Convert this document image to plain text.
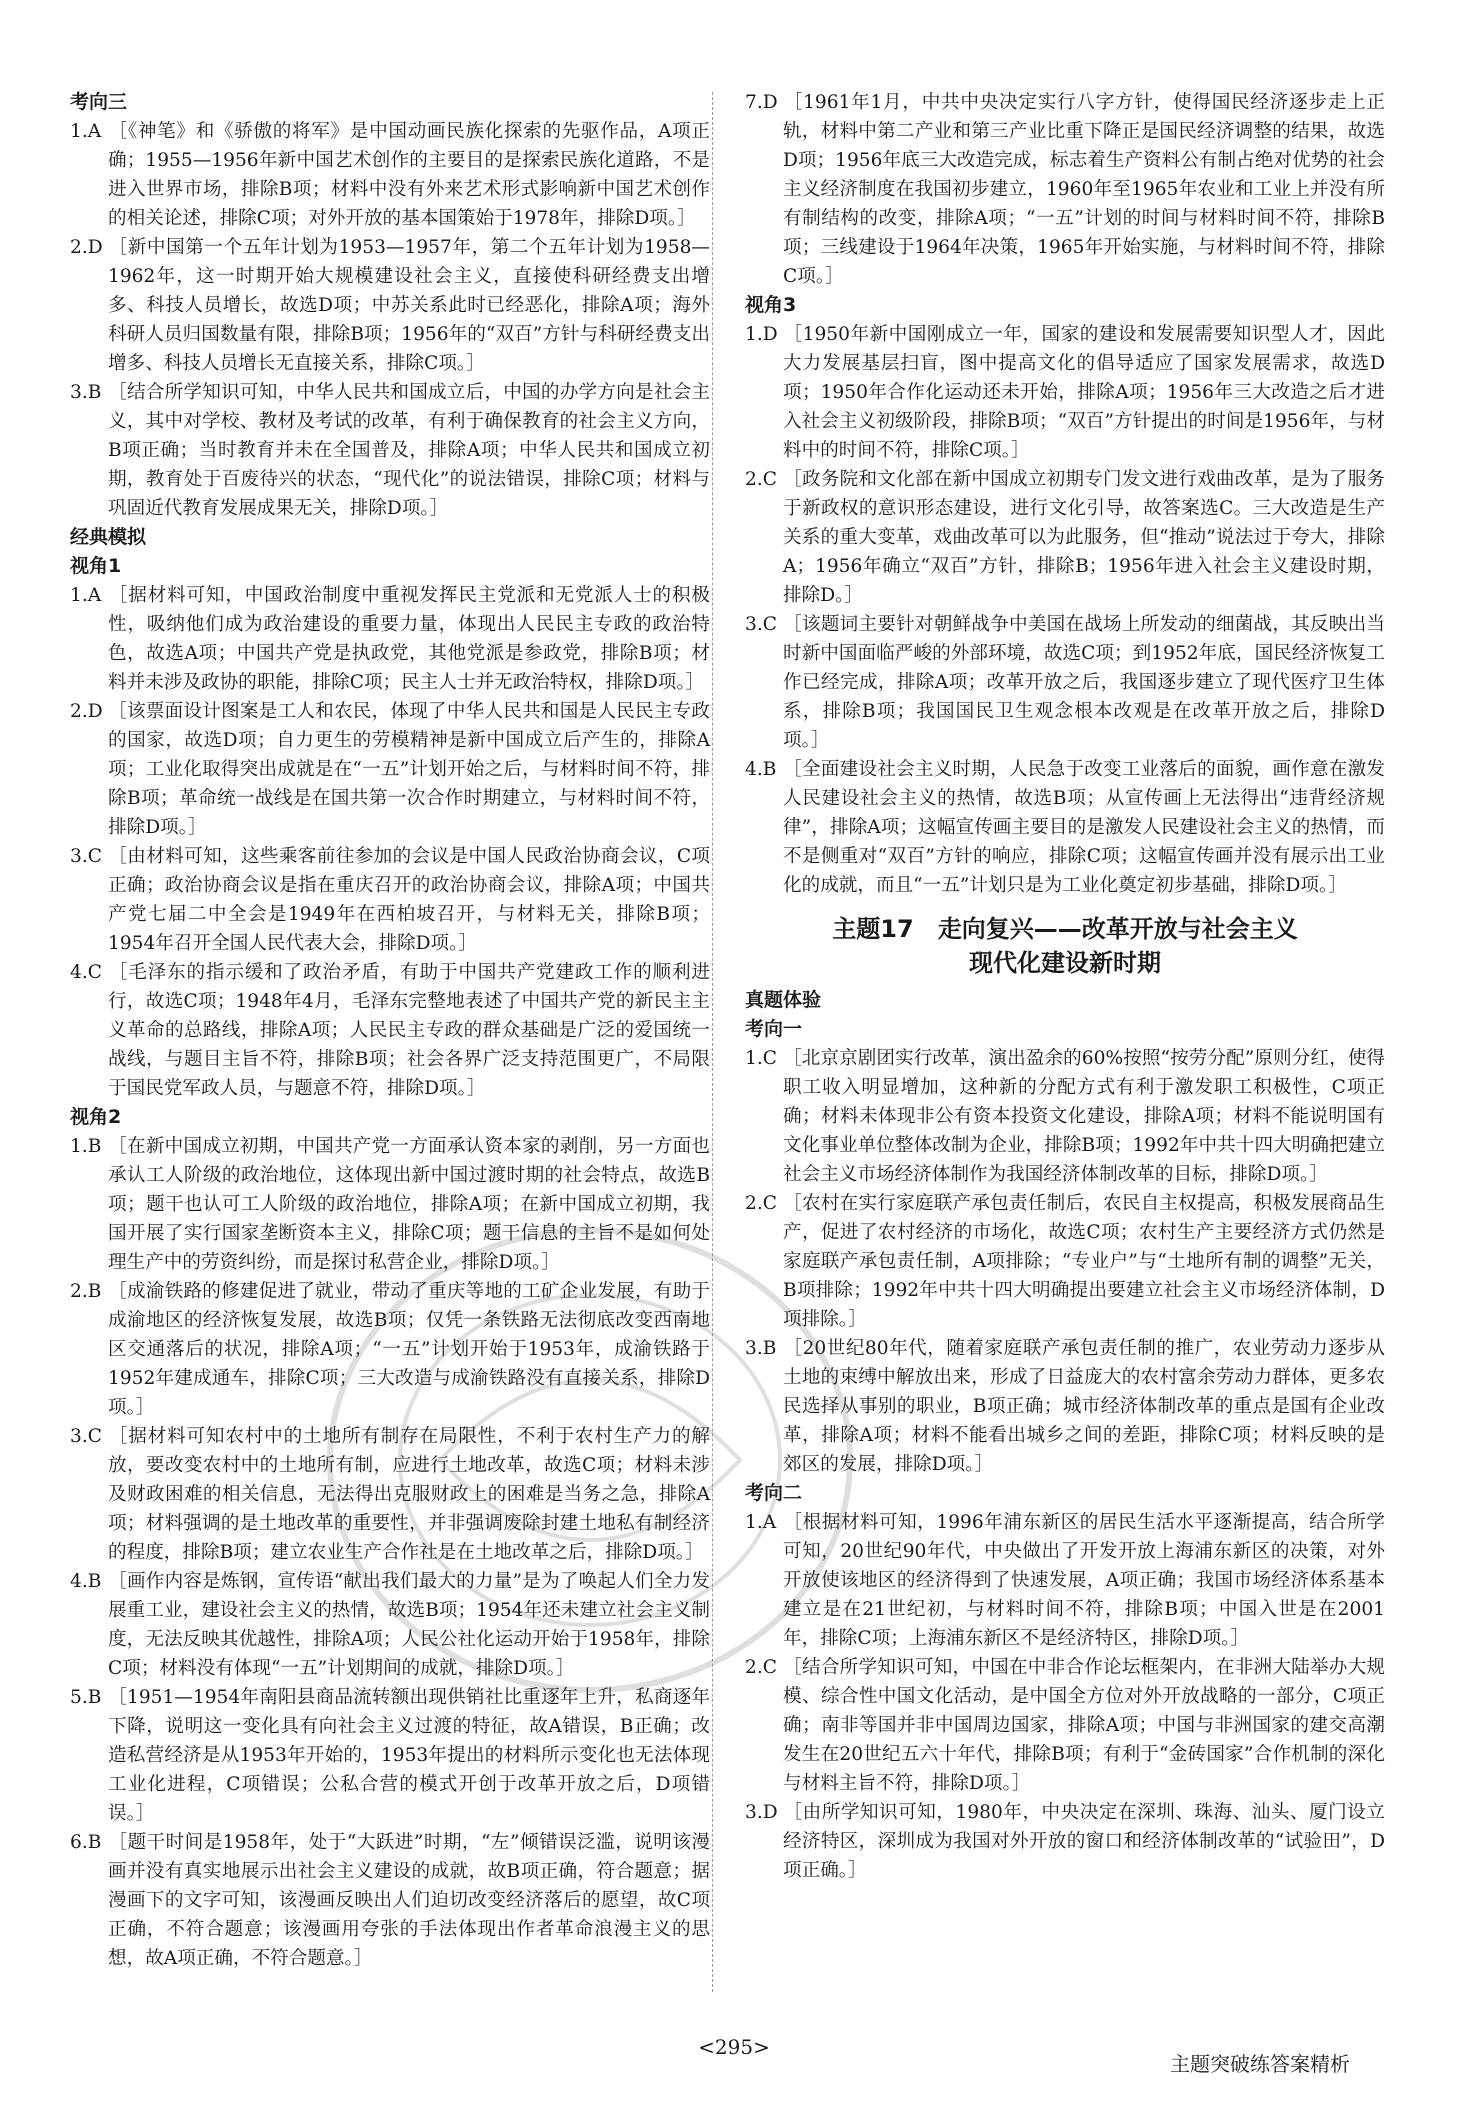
考向三

1.A ［《神笔》和《骄傲的将军》是中国动画民族化探索的先驱作品，A项正确；1955—1956年新中国艺术创作的主要目的是探索民族化道路，不是进入世界市场，排除B项；材料中没有外来艺术形式影响新中国艺术创作的相关论述，排除C项；对外开放的基本国策始于1978年，排除D项。］

2.D ［新中国第一个五年计划为1953—1957年，第二个五年计划为1958—1962年，这一时期开始大规模建设社会主义，直接使科研经费支出增多、科技人员增长，故选D项；中苏关系此时已经恶化，排除A项；海外科研人员归国数量有限，排除B项；1956年的“双百”方针与科研经费支出增多、科技人员增长无直接关系，排除C项。］

3.B ［结合所学知识可知，中华人民共和国成立后，中国的办学方向是社会主义，其中对学校、教材及考试的改革，有利于确保教育的社会主义方向，B项正确；当时教育并未在全国普及，排除A项；中华人民共和国成立初期，教育处于百废待兴的状态，“现代化”的说法错误，排除C项；材料与巩固近代教育发展成果无关，排除D项。］

经典模拟

视角1

1.A ［据材料可知，中国政治制度中重视发挥民主党派和无党派人士的积极性，吸纳他们成为政治建设的重要力量，体现出人民民主专政的政治特色，故选A项；中国共产党是执政党，其他党派是参政党，排除B项；材料并未涉及政协的职能，排除C项；民主人士并无政治特权，排除D项。］

2.D ［该票面设计图案是工人和农民，体现了中华人民共和国是人民民主专政的国家，故选D项；自力更生的劳模精神是新中国成立后产生的，排除A项；工业化取得突出成就是在“一五”计划开始之后，与材料时间不符，排除B项；革命统一战线是在国共第一次合作时期建立，与材料时间不符，排除D项。］

3.C ［由材料可知，这些乘客前往参加的会议是中国人民政治协商会议，C项正确；政治协商会议是指在重庆召开的政治协商会议，排除A项；中国共产党七届二中全会是1949年在西柏坡召开，与材料无关，排除B项；1954年召开全国人民代表大会，排除D项。］

4.C ［毛泽东的指示缓和了政治矛盾，有助于中国共产党建政工作的顺利进行，故选C项；1948年4月，毛泽东完整地表述了中国共产党的新民主主义革命的总路线，排除A项；人民民主专政的群众基础是广泛的爱国统一战线，与题目主旨不符，排除B项；社会各界广泛支持范围更广，不局限于国民党军政人员，与题意不符，排除D项。］

视角2

1.B ［在新中国成立初期，中国共产党一方面承认资本家的剥削，另一方面也承认工人阶级的政治地位，这体现出新中国过渡时期的社会特点，故选B项；题干也认可工人阶级的政治地位，排除A项；在新中国成立初期，我国开展了实行国家垄断资本主义，排除C项；题干信息的主旨不是如何处理生产中的劳资纠纷，而是探讨私营企业，排除D项。］

2.B ［成渝铁路的修建促进了就业，带动了重庆等地的工矿企业发展，有助于成渝地区的经济恢复发展，故选B项；仅凭一条铁路无法彻底改变西南地区交通落后的状况，排除A项；“一五”计划开始于1953年，成渝铁路于1952年建成通车，排除C项；三大改造与成渝铁路没有直接关系，排除D项。］

3.C ［据材料可知农村中的土地所有制存在局限性，不利于农村生产力的解放，要改变农村中的土地所有制，应进行土地改革，故选C项；材料未涉及财政困难的相关信息，无法得出克服财政上的困难是当务之急，排除A项；材料强调的是土地改革的重要性，并非强调废除封建土地私有制经济的程度，排除B项；建立农业生产合作社是在土地改革之后，排除D项。］

4.B ［画作内容是炼钢，宣传语“献出我们最大的力量”是为了唤起人们全力发展重工业，建设社会主义的热情，故选B项；1954年还未建立社会主义制度，无法反映其优越性，排除A项；人民公社化运动开始于1958年，排除C项；材料没有体现“一五”计划期间的成就，排除D项。］

5.B ［1951—1954年南阳县商品流转额出现供销社比重逐年上升，私商逐年下降，说明这一变化具有向社会主义过渡的特征，故A错误，B正确；改造私营经济是从1953年开始的，1953年提出的材料所示变化也无法体现工业化进程，C项错误；公私合营的模式开创于改革开放之后，D项错误。］

6.B ［题干时间是1958年，处于“大跃进”时期，“左”倾错误泛滥，说明该漫画并没有真实地展示出社会主义建设的成就，故B项正确，符合题意；据漫画下的文字可知，该漫画反映出人们迫切改变经济落后的愿望，故C项正确，不符合题意；该漫画用夸张的手法体现出作者革命浪漫主义的思想，故A项正确，不符合题意。］

7.D ［1961年1月，中共中央决定实行八字方针，使得国民经济逐步走上正轨，材料中第二产业和第三产业比重下降正是国民经济调整的结果，故选D项；1956年底三大改造完成，标志着生产资料公有制占绝对优势的社会主义经济制度在我国初步建立，1960年至1965年农业和工业上并没有所有制结构的改变，排除A项；“一五”计划的时间与材料时间不符，排除B项；三线建设于1964年决策，1965年开始实施，与材料时间不符，排除C项。］

视角3

1.D ［1950年新中国刚成立一年，国家的建设和发展需要知识型人才，因此大力发展基层扫盲，图中提高文化的倡导适应了国家发展需求，故选D项；1950年合作化运动还未开始，排除A项；1956年三大改造之后才进入社会主义初级阶段，排除B项；“双百”方针提出的时间是1956年，与材料中的时间不符，排除C项。］

2.C ［政务院和文化部在新中国成立初期专门发文进行戏曲改革，是为了服务于新政权的意识形态建设，进行文化引导，故答案选C。三大改造是生产关系的重大变革，戏曲改革可以为此服务，但“推动”说法过于夸大，排除A；1956年确立“双百”方针，排除B；1956年进入社会主义建设时期，排除D。］

3.C ［该题词主要针对朝鲜战争中美国在战场上所发动的细菌战，其反映出当时新中国面临严峻的外部环境，故选C项；到1952年底，国民经济恢复工作已经完成，排除A项；改革开放之后，我国逐步建立了现代医疗卫生体系，排除B项；我国国民卫生观念根本改观是在改革开放之后，排除D项。］

4.B ［全面建设社会主义时期，人民急于改变工业落后的面貌，画作意在激发人民建设社会主义的热情，故选B项；从宣传画上无法得出“违背经济规律”，排除A项；这幅宣传画主要目的是激发人民建设社会主义的热情，而不是侧重对“双百”方针的响应，排除C项；这幅宣传画并没有展示出工业化的成就，而且“一五”计划只是为工业化奠定初步基础，排除D项。］

主题17　走向复兴——改革开放与社会主义
现代化建设新时期

真题体验

考向一

1.C ［北京京剧团实行改革，演出盈余的60%按照“按劳分配”原则分红，使得职工收入明显增加，这种新的分配方式有利于激发职工积极性，C项正确；材料未体现非公有资本投资文化建设，排除A项；材料不能说明国有文化事业单位整体改制为企业，排除B项；1992年中共十四大明确把建立社会主义市场经济体制作为我国经济体制改革的目标，排除D项。］

2.C ［农村在实行家庭联产承包责任制后，农民自主权提高，积极发展商品生产，促进了农村经济的市场化，故选C项；农村生产主要经济方式仍然是家庭联产承包责任制，A项排除；“专业户”与“土地所有制的调整”无关，B项排除；1992年中共十四大明确提出要建立社会主义市场经济体制，D项排除。］

3.B ［20世纪80年代，随着家庭联产承包责任制的推广，农业劳动力逐步从土地的束缚中解放出来，形成了日益庞大的农村富余劳动力群体，更多农民选择从事别的职业，B项正确；城市经济体制改革的重点是国有企业改革，排除A项；材料不能看出城乡之间的差距，排除C项；材料反映的是郊区的发展，排除D项。］

考向二

1.A ［根据材料可知，1996年浦东新区的居民生活水平逐渐提高，结合所学可知，20世纪90年代，中央做出了开发开放上海浦东新区的决策，对外开放使该地区的经济得到了快速发展，A项正确；我国市场经济体系基本建立是在21世纪初，与材料时间不符，排除B项；中国入世是在2001年，排除C项；上海浦东新区不是经济特区，排除D项。］

2.C ［结合所学知识可知，中国在中非合作论坛框架内，在非洲大陆举办大规模、综合性中国文化活动，是中国全方位对外开放战略的一部分，C项正确；南非等国并非中国周边国家，排除A项；中国与非洲国家的建交高潮发生在20世纪五六十年代，排除B项；有利于“金砖国家”合作机制的深化与材料主旨不符，排除D项。］

3.D ［由所学知识可知，1980年，中央决定在深圳、珠海、汕头、厦门设立经济特区，深圳成为我国对外开放的窗口和经济体制改革的“试验田”，D项正确。］

<295>
主题突破练答案精析
